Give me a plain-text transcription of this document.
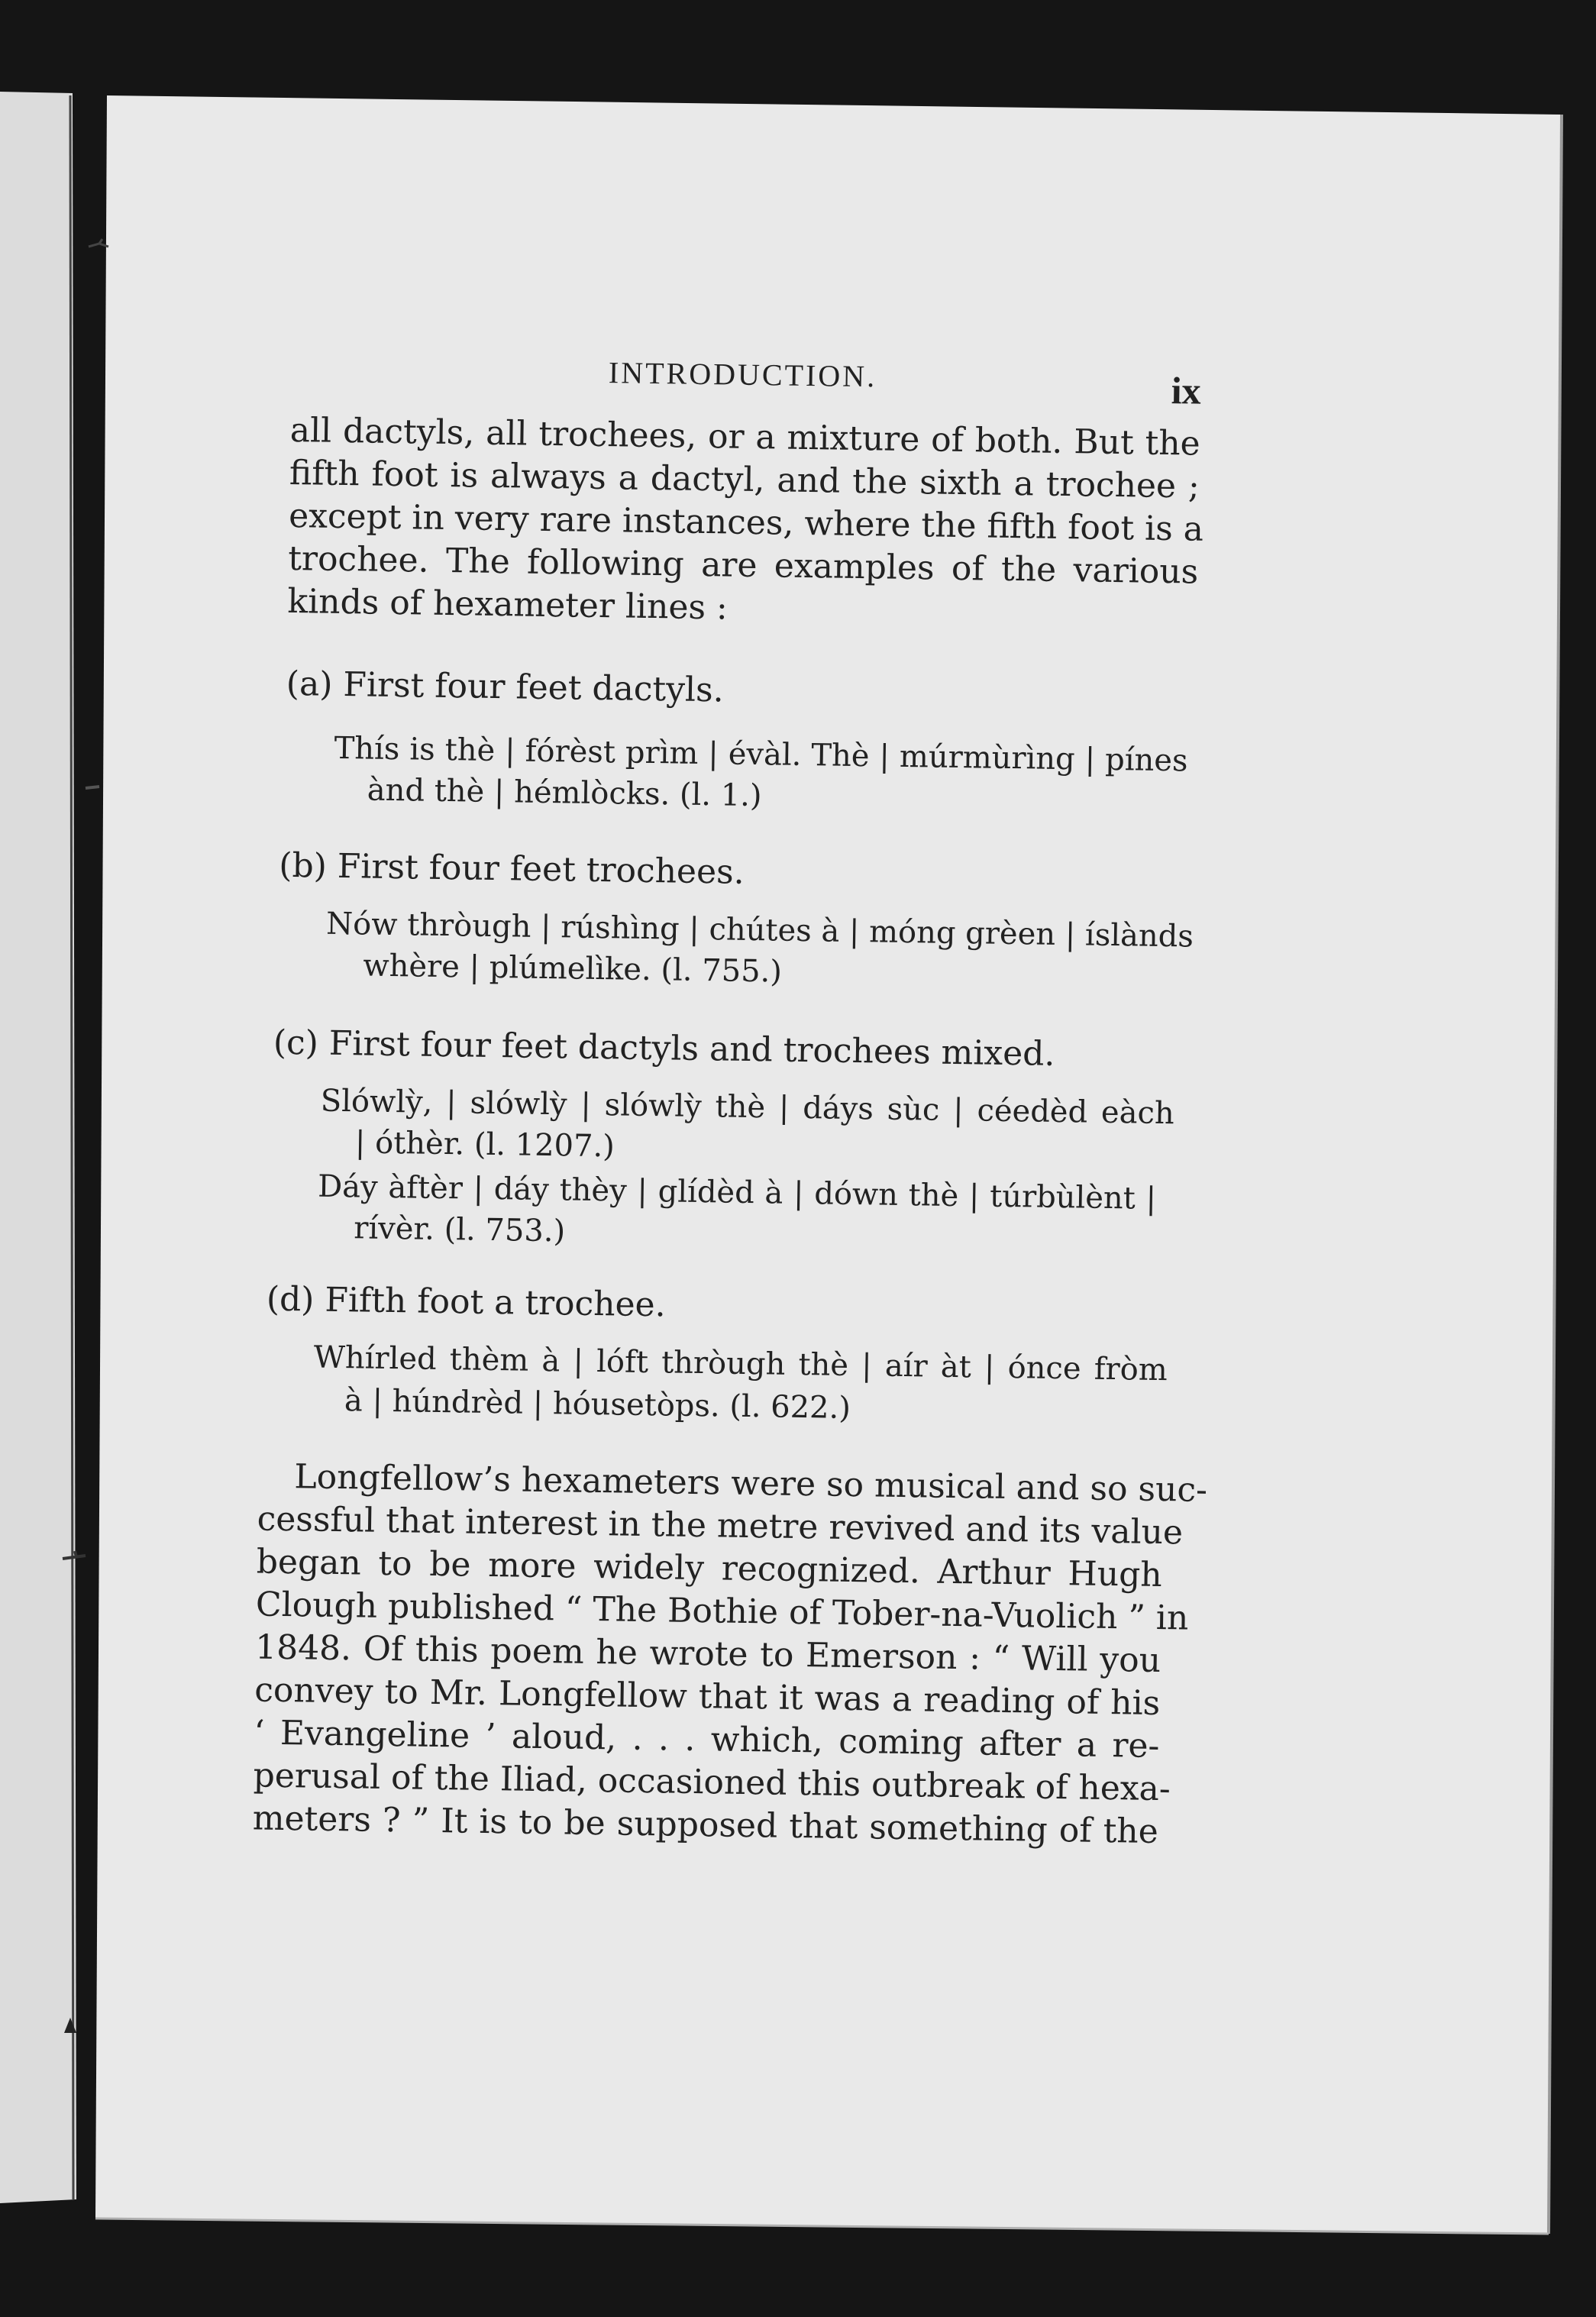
INTRODUCTION.	ix

all dactyls, all trochees, or a mixture of both. But the

fifth foot is always a dactyl, and the sixth a trochee ;

except in very rare instances, where the fifth foot is a

trochee. The following are examples of the various

kinds of hexameter lines :

(a) First four feet dactyls.

Thís is thè | fórèst prìm | évàl. Thè | múrmùrìng | pínes

ànd thè | hémlòcks. (l. 1.)

(b) First four feet trochees.

Nów thròugh | rúshìng | chútes à | móng grèen | íslànds

whère | plúmelìke. (l. 755.)

(c) First four feet dactyls and trochees mixed.

Slówlỳ, | slówlỳ | slówlỳ thè | dáys sùc | céedèd eàch

| óthèr. (l. 1207.)

Dáy àftèr | dáy thèy | glídèd à | dówn thè | túrbùlènt |

rívèr. (l. 753.)

(d) Fifth foot a trochee.

Whírled thèm à | lóft thròugh thè | aír àt | ónce fròm

à | húndrèd | hóusetòps. (l. 622.)

Longfellow’s hexameters were so musical and so suc-

cessful that interest in the metre revived and its value

began to be more widely recognized. Arthur Hugh

Clough published “ The Bothie of Tober-na-Vuolich ” in

1848. Of this poem he wrote to Emerson : “ Will you

convey to Mr. Longfellow that it was a reading of his

‘ Evangeline ’ aloud, . . . which, coming after a re-

perusal of the Iliad, occasioned this outbreak of hexa-

meters ? ” It is to be supposed that something of the
